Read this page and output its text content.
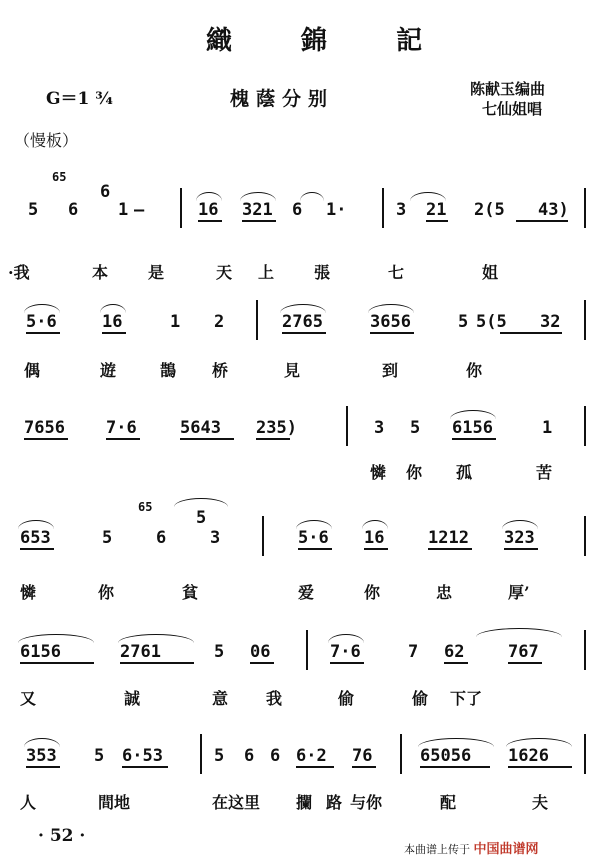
織 錦 記
G＝1 ¾	槐蔭分别	陈献玉编曲
七仙姐唱
（慢板）
5
65
6
6
1 —	16 321 6 1·	3 21 2(5 43)
·我	本 是	天 上 張	七	姐
5·6	16	1 2	2765	3656	5 5(5 32
偶	遊	鵲 桥	見	到	你
7656 7·6	5643 235)	3 5 6156	1
憐 你 孤	苦
653	5
65
6
5
3	5·6 16	1212 323
憐	你	貧	爱	你	忠	厚’
6156	2761	5 06	7·6	7 62	767
又	誠	意 我	偷	偷 下了
353 5 6·53	5 6 6 6·2 76	65056 1626
人	間地	在这里 攔 路 与你	配	夫
· 52 ·
本曲谱上传于 中国曲谱网
